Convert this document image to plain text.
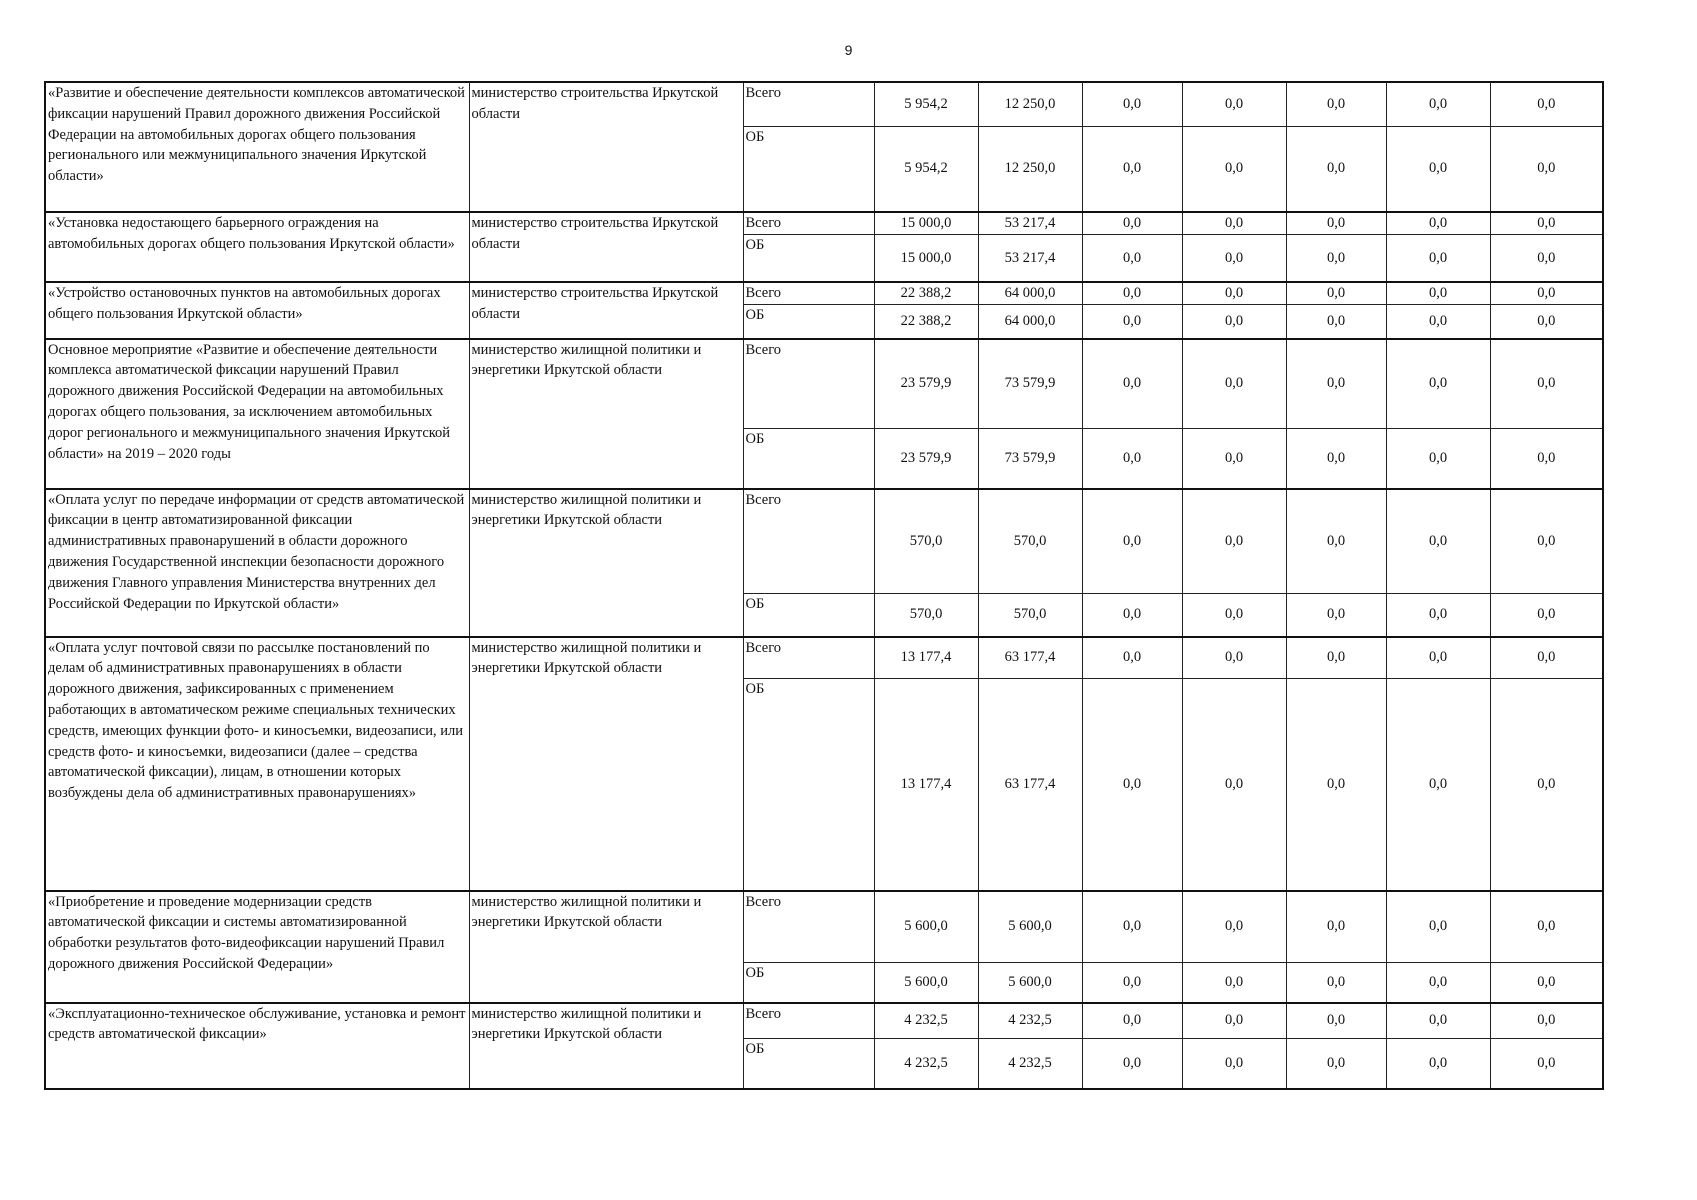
9
«Развитие и обеспечение деятельности комплексов автоматической фиксации нарушений Правил дорожного движения Российской Федерации на автомобильных дорогах общего пользования регионального или межмуниципального значения Иркутской области»	министерство строительства Иркутской области	Всего	5 954,2	12 250,0	0,0	0,0	0,0	0,0	0,0
		ОБ	5 954,2	12 250,0	0,0	0,0	0,0	0,0	0,0
«Установка недостающего барьерного ограждения на автомобильных дорогах общего пользования Иркутской области»	министерство строительства Иркутской области	Всего	15 000,0	53 217,4	0,0	0,0	0,0	0,0	0,0
		ОБ	15 000,0	53 217,4	0,0	0,0	0,0	0,0	0,0
«Устройство остановочных пунктов на автомобильных дорогах общего пользования Иркутской области»	министерство строительства Иркутской области	Всего	22 388,2	64 000,0	0,0	0,0	0,0	0,0	0,0
		ОБ	22 388,2	64 000,0	0,0	0,0	0,0	0,0	0,0
Основное мероприятие «Развитие и обеспечение деятельности комплекса автоматической фиксации нарушений Правил дорожного движения Российской Федерации на автомобильных дорогах общего пользования, за исключением автомобильных дорог регионального и межмуниципального значения Иркутской области» на 2019 – 2020 годы	министерство жилищной политики и энергетики Иркутской области	Всего	23 579,9	73 579,9	0,0	0,0	0,0	0,0	0,0
		ОБ	23 579,9	73 579,9	0,0	0,0	0,0	0,0	0,0
«Оплата услуг по передаче информации от средств автоматической фиксации в центр автоматизированной фиксации административных правонарушений в области дорожного движения Государственной инспекции безопасности дорожного движения Главного управления Министерства внутренних дел Российской Федерации по Иркутской области»	министерство жилищной политики и энергетики Иркутской области	Всего	570,0	570,0	0,0	0,0	0,0	0,0	0,0
		ОБ	570,0	570,0	0,0	0,0	0,0	0,0	0,0
«Оплата услуг почтовой связи по рассылке постановлений по делам об административных правонарушениях в области дорожного движения, зафиксированных с применением работающих в автоматическом режиме специальных технических средств, имеющих функции фото- и киносъемки, видеозаписи, или средств фото- и киносъемки, видеозаписи (далее – средства автоматической фиксации), лицам, в отношении которых возбуждены дела об административных правонарушениях»	министерство жилищной политики и энергетики Иркутской области	Всего	13 177,4	63 177,4	0,0	0,0	0,0	0,0	0,0
		ОБ	13 177,4	63 177,4	0,0	0,0	0,0	0,0	0,0
«Приобретение и проведение модернизации средств автоматической фиксации и системы автоматизированной обработки результатов фото-видеофиксации нарушений Правил дорожного движения Российской Федерации»	министерство жилищной политики и энергетики Иркутской области	Всего	5 600,0	5 600,0	0,0	0,0	0,0	0,0	0,0
		ОБ	5 600,0	5 600,0	0,0	0,0	0,0	0,0	0,0
«Эксплуатационно-техническое обслуживание, установка и ремонт средств автоматической фиксации»	министерство жилищной политики и энергетики Иркутской области	Всего	4 232,5	4 232,5	0,0	0,0	0,0	0,0	0,0
		ОБ	4 232,5	4 232,5	0,0	0,0	0,0	0,0	0,0
